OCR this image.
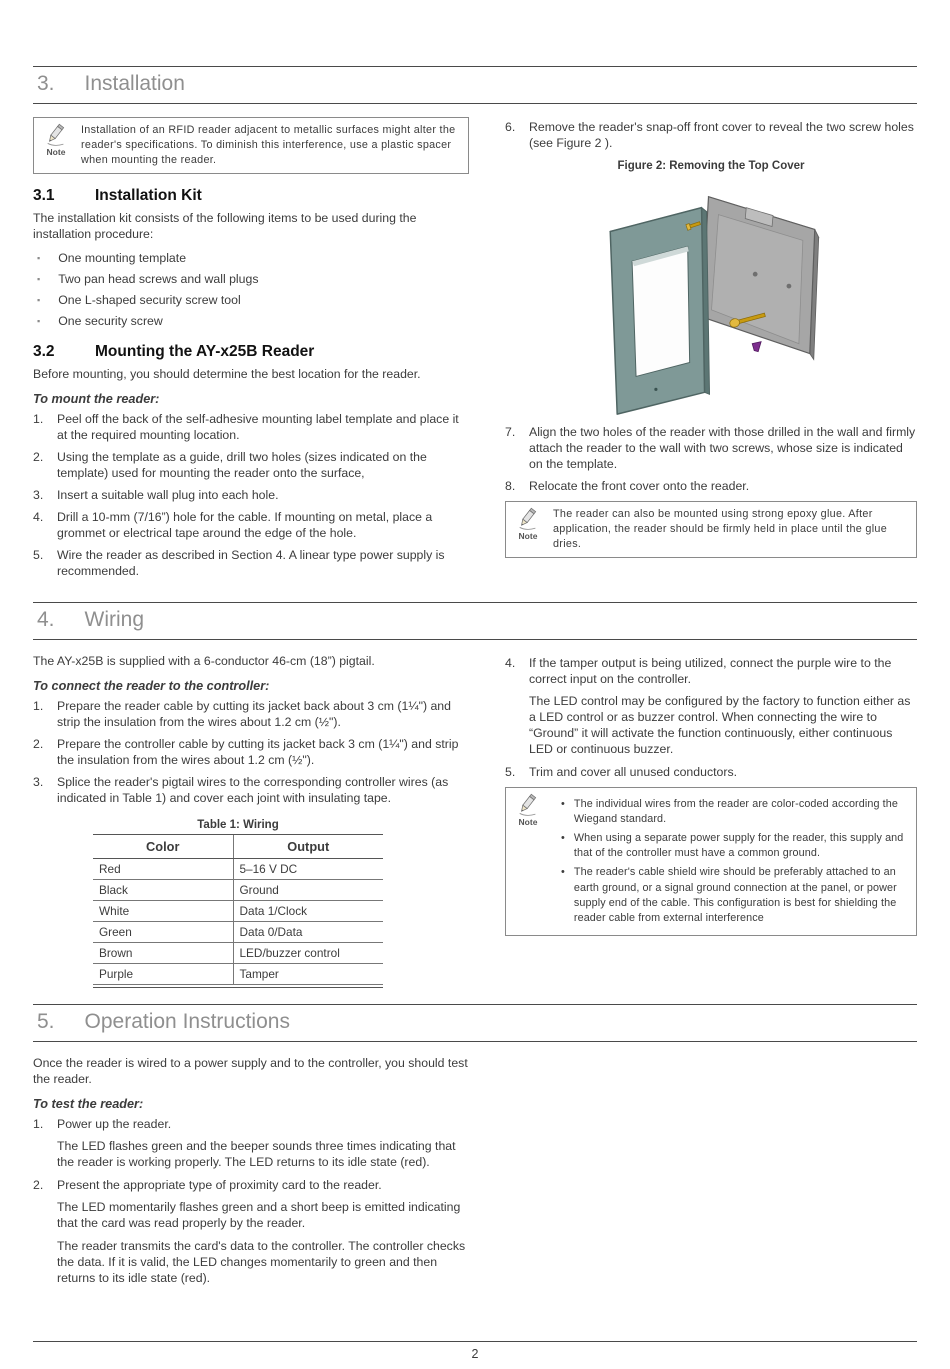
3. Installation
Note
Installation of an RFID reader adjacent to metallic surfaces might alter the reader's specifications. To diminish this interference, use a plastic spacer when mounting the reader.
3.1	Installation Kit

The installation kit consists of the following items to be used during the installation procedure:

▪ One mounting template
▪ Two pan head screws and wall plugs
▪ One L-shaped security screw tool
▪ One security screw
3.2	Mounting the AY-x25B Reader

Before mounting, you should determine the best location for the reader.

To mount the reader:

1.	Peel off the back of the self-adhesive mounting label template and place it at the required mounting location.
2.	Using the template as a guide, drill two holes (sizes indicated on the template) used for mounting the reader onto the surface,
3.	Insert a suitable wall plug into each hole.
4.	Drill a 10-mm (7/16”) hole for the cable. If mounting on metal, place a grommet or electrical tape around the edge of the hole.
5.	Wire the reader as described in Section 4. A linear type power supply is recommended.
6.	Remove the reader's snap-off front cover to reveal the two screw holes (see Figure 2 ).
Figure 2: Removing the Top Cover
7.	Align the two holes of the reader with those drilled in the wall and firmly attach the reader to the wall with two screws, whose size is indicated on the template.
8.	Relocate the front cover onto the reader.
Note
The reader can also be mounted using strong epoxy glue. After application, the reader should be firmly held in place until the glue dries.
4. Wiring

The AY-x25B is supplied with a 6-conductor 46-cm (18”) pigtail.

To connect the reader to the controller:

1.	Prepare the reader cable by cutting its jacket back about 3 cm (1¼") and strip the insulation from the wires about 1.2 cm (½").
2.	Prepare the controller cable by cutting its jacket back 3 cm (1¼") and strip the insulation from the wires about 1.2 cm (½").
3.	Splice the reader's pigtail wires to the corresponding controller wires (as indicated in Table 1) and cover each joint with insulating tape.
Table 1: Wiring
Color	Output
Red	5–16 V DC
Black	Ground
White	Data 1/Clock
Green	Data 0/Data
Brown	LED/buzzer control
Purple	Tamper
4.	If the tamper output is being utilized, connect the purple wire to the correct input on the controller.
The LED control may be configured by the factory to function either as a LED control or as buzzer control. When connecting the wire to “Ground” it will activate the function continuously, either continuous LED or continuous buzzer.
5.	Trim and cover all unused conductors.
Note
• The individual wires from the reader are color-coded according the Wiegand standard.
• When using a separate power supply for the reader, this supply and that of the controller must have a common ground.
• The reader's cable shield wire should be preferably attached to an earth ground, or a signal ground connection at the panel, or power supply end of the cable. This configuration is best for shielding the reader cable from external interference
5. Operation Instructions

Once the reader is wired to a power supply and to the controller, you should test the reader.

To test the reader:

1.	Power up the reader.
The LED flashes green and the beeper sounds three times indicating that the reader is working properly. The LED returns to its idle state (red).
2.	Present the appropriate type of proximity card to the reader.
The LED momentarily flashes green and a short beep is emitted indicating that the card was read properly by the reader.
The reader transmits the card's data to the controller. The controller checks the data. If it is valid, the LED changes momentarily to green and then returns to its idle state (red).
2
